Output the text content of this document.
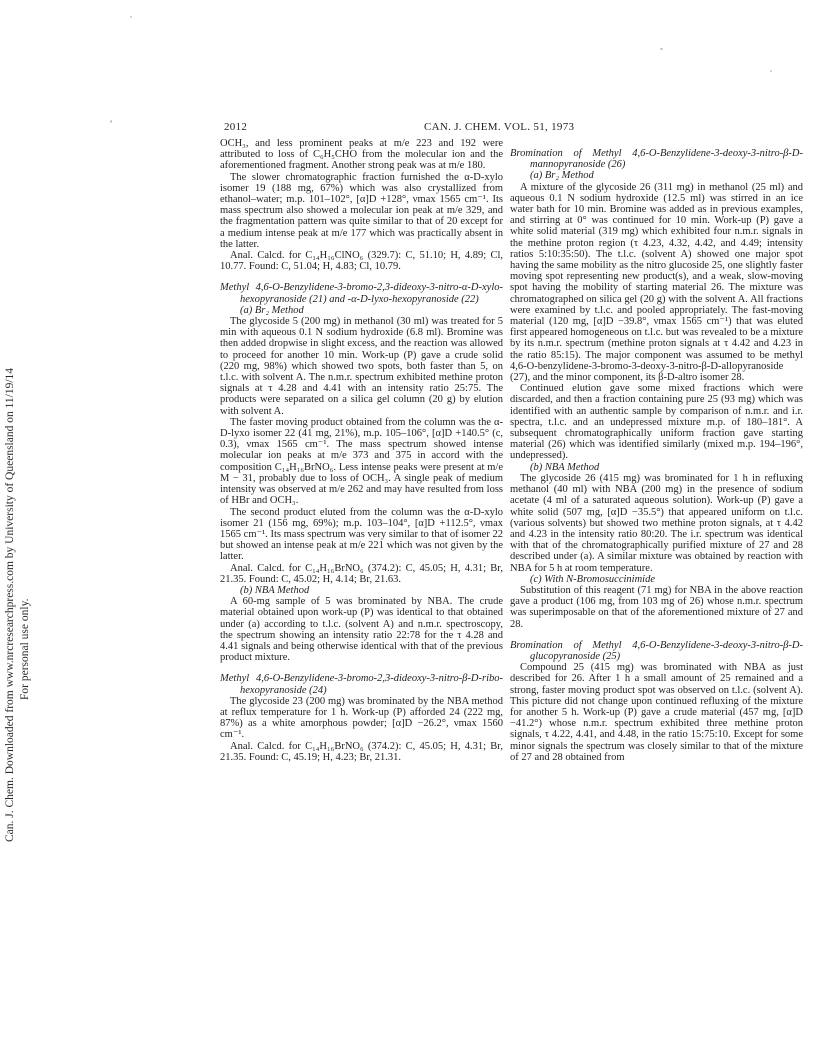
Can. J. Chem. Downloaded from www.nrcresearchpress.com by University of Queensland on 11/19/14 For personal use only.
2012	CAN. J. CHEM. VOL. 51, 1973

OCH₃, and less prominent peaks at m/e 223 and 192 were attributed to loss of C₆H₅CHO from the molecular ion and the aforementioned fragment. Another strong peak was at m/e 180.

The slower chromatographic fraction furnished the α-D-xylo isomer 19 (188 mg, 67%) which was also crystallized from ethanol–water; m.p. 101–102°, [α]D +128°, νmax 1565 cm⁻¹. Its mass spectrum also showed a molecular ion peak at m/e 329, and the fragmentation pattern was quite similar to that of 20 except for a medium intense peak at m/e 177 which was practically absent in the latter.

Anal. Calcd. for C₁₄H₁₆ClNO₆ (329.7): C, 51.10; H, 4.89; Cl, 10.77. Found: C, 51.04; H, 4.83; Cl, 10.79.

Methyl 4,6-O-Benzylidene-3-bromo-2,3-dideoxy-3-nitro-α-D-xylo-hexopyranoside (21) and -α-D-lyxo-hexopyranoside (22)
(a) Br₂ Method

The glycoside 5 (200 mg) in methanol (30 ml) was treated for 5 min with aqueous 0.1 N sodium hydroxide (6.8 ml). Bromine was then added dropwise in slight excess, and the reaction was allowed to proceed for another 10 min. Work-up (P) gave a crude solid (220 mg, 98%) which showed two spots, both faster than 5, on t.l.c. with solvent A. The n.m.r. spectrum exhibited methine proton signals at τ 4.28 and 4.41 with an intensity ratio 25:75. The products were separated on a silica gel column (20 g) by elution with solvent A.

The faster moving product obtained from the column was the α-D-lyxo isomer 22 (41 mg, 21%), m.p. 105–106°, [α]D +140.5° (c, 0.3), νmax 1565 cm⁻¹. The mass spectrum showed intense molecular ion peaks at m/e 373 and 375 in accord with the composition C₁₄H₁₆BrNO₆. Less intense peaks were present at m/e M − 31, probably due to loss of OCH₃. A single peak of medium intensity was observed at m/e 262 and may have resulted from loss of HBr and OCH₃.

The second product eluted from the column was the α-D-xylo isomer 21 (156 mg, 69%); m.p. 103–104°, [α]D +112.5°, νmax 1565 cm⁻¹. Its mass spectrum was very similar to that of isomer 22 but showed an intense peak at m/e 221 which was not given by the latter.

Anal. Calcd. for C₁₄H₁₆BrNO₆ (374.2): C, 45.05; H, 4.31; Br, 21.35. Found: C, 45.02; H, 4.14; Br, 21.63.

(b) NBA Method

A 60-mg sample of 5 was brominated by NBA. The crude material obtained upon work-up (P) was identical to that obtained under (a) according to t.l.c. (solvent A) and n.m.r. spectroscopy, the spectrum showing an intensity ratio 22:78 for the τ 4.28 and 4.41 signals and being otherwise identical with that of the previous product mixture.

Methyl 4,6-O-Benzylidene-3-bromo-2,3-dideoxy-3-nitro-β-D-ribo-hexopyranoside (24)

The glycoside 23 (200 mg) was brominated by the NBA method at reflux temperature for 1 h. Work-up (P) afforded 24 (222 mg, 87%) as a white amorphous powder; [α]D −26.2°, νmax 1560 cm⁻¹.

Anal. Calcd. for C₁₄H₁₆BrNO₆ (374.2): C, 45.05; H, 4.31; Br, 21.35. Found: C, 45.19; H, 4.23; Br, 21.31.

Bromination of Methyl 4,6-O-Benzylidene-3-deoxy-3-nitro-β-D-mannopyranoside (26)
(a) Br₂ Method

A mixture of the glycoside 26 (311 mg) in methanol (25 ml) and aqueous 0.1 N sodium hydroxide (12.5 ml) was stirred in an ice water bath for 10 min. Bromine was added as in previous examples, and stirring at 0° was continued for 10 min. Work-up (P) gave a white solid material (319 mg) which exhibited four n.m.r. signals in the methine proton region (τ 4.23, 4.32, 4.42, and 4.49; intensity ratios 5:10:35:50). The t.l.c. (solvent A) showed one major spot having the same mobility as the nitro glucoside 25, one slightly faster moving spot representing new product(s), and a weak, slow-moving spot having the mobility of starting material 26. The mixture was chromatographed on silica gel (20 g) with the solvent A. All fractions were examined by t.l.c. and pooled appropriately. The fast-moving material (120 mg, [α]D −39.8°, νmax 1565 cm⁻¹) that was eluted first appeared homogeneous on t.l.c. but was revealed to be a mixture by its n.m.r. spectrum (methine proton signals at τ 4.42 and 4.23 in the ratio 85:15). The major component was assumed to be methyl 4,6-O-benzylidene-3-bromo-3-deoxy-3-nitro-β-D-allopyranoside (27), and the minor component, its β-D-altro isomer 28.

Continued elution gave some mixed fractions which were discarded, and then a fraction containing pure 25 (93 mg) which was identified with an authentic sample by comparison of n.m.r. and i.r. spectra, t.l.c. and an undepressed mixture m.p. of 180–181°. A subsequent chromatographically uniform fraction gave starting material (26) which was identified similarly (mixed m.p. 194–196°, undepressed).

(b) NBA Method

The glycoside 26 (415 mg) was brominated for 1 h in refluxing methanol (40 ml) with NBA (200 mg) in the presence of sodium acetate (4 ml of a saturated aqueous solution). Work-up (P) gave a white solid (507 mg, [α]D −35.5°) that appeared uniform on t.l.c. (various solvents) but showed two methine proton signals, at τ 4.42 and 4.23 in the intensity ratio 80:20. The i.r. spectrum was identical with that of the chromatographically purified mixture of 27 and 28 described under (a). A similar mixture was obtained by reaction with NBA for 5 h at room temperature.

(c) With N-Bromosuccinimide

Substitution of this reagent (71 mg) for NBA in the above reaction gave a product (106 mg, from 103 mg of 26) whose n.m.r. spectrum was superimposable on that of the aforementioned mixture of 27 and 28.

Bromination of Methyl 4,6-O-Benzylidene-3-deoxy-3-nitro-β-D-glucopyranoside (25)

Compound 25 (415 mg) was brominated with NBA as just described for 26. After 1 h a small amount of 25 remained and a strong, faster moving product spot was observed on t.l.c. (solvent A). This picture did not change upon continued refluxing of the mixture for another 5 h. Work-up (P) gave a crude material (457 mg, [α]D −41.2°) whose n.m.r. spectrum exhibited three methine proton signals, τ 4.22, 4.41, and 4.48, in the ratio 15:75:10. Except for some minor signals the spectrum was closely similar to that of the mixture of 27 and 28 obtained from
